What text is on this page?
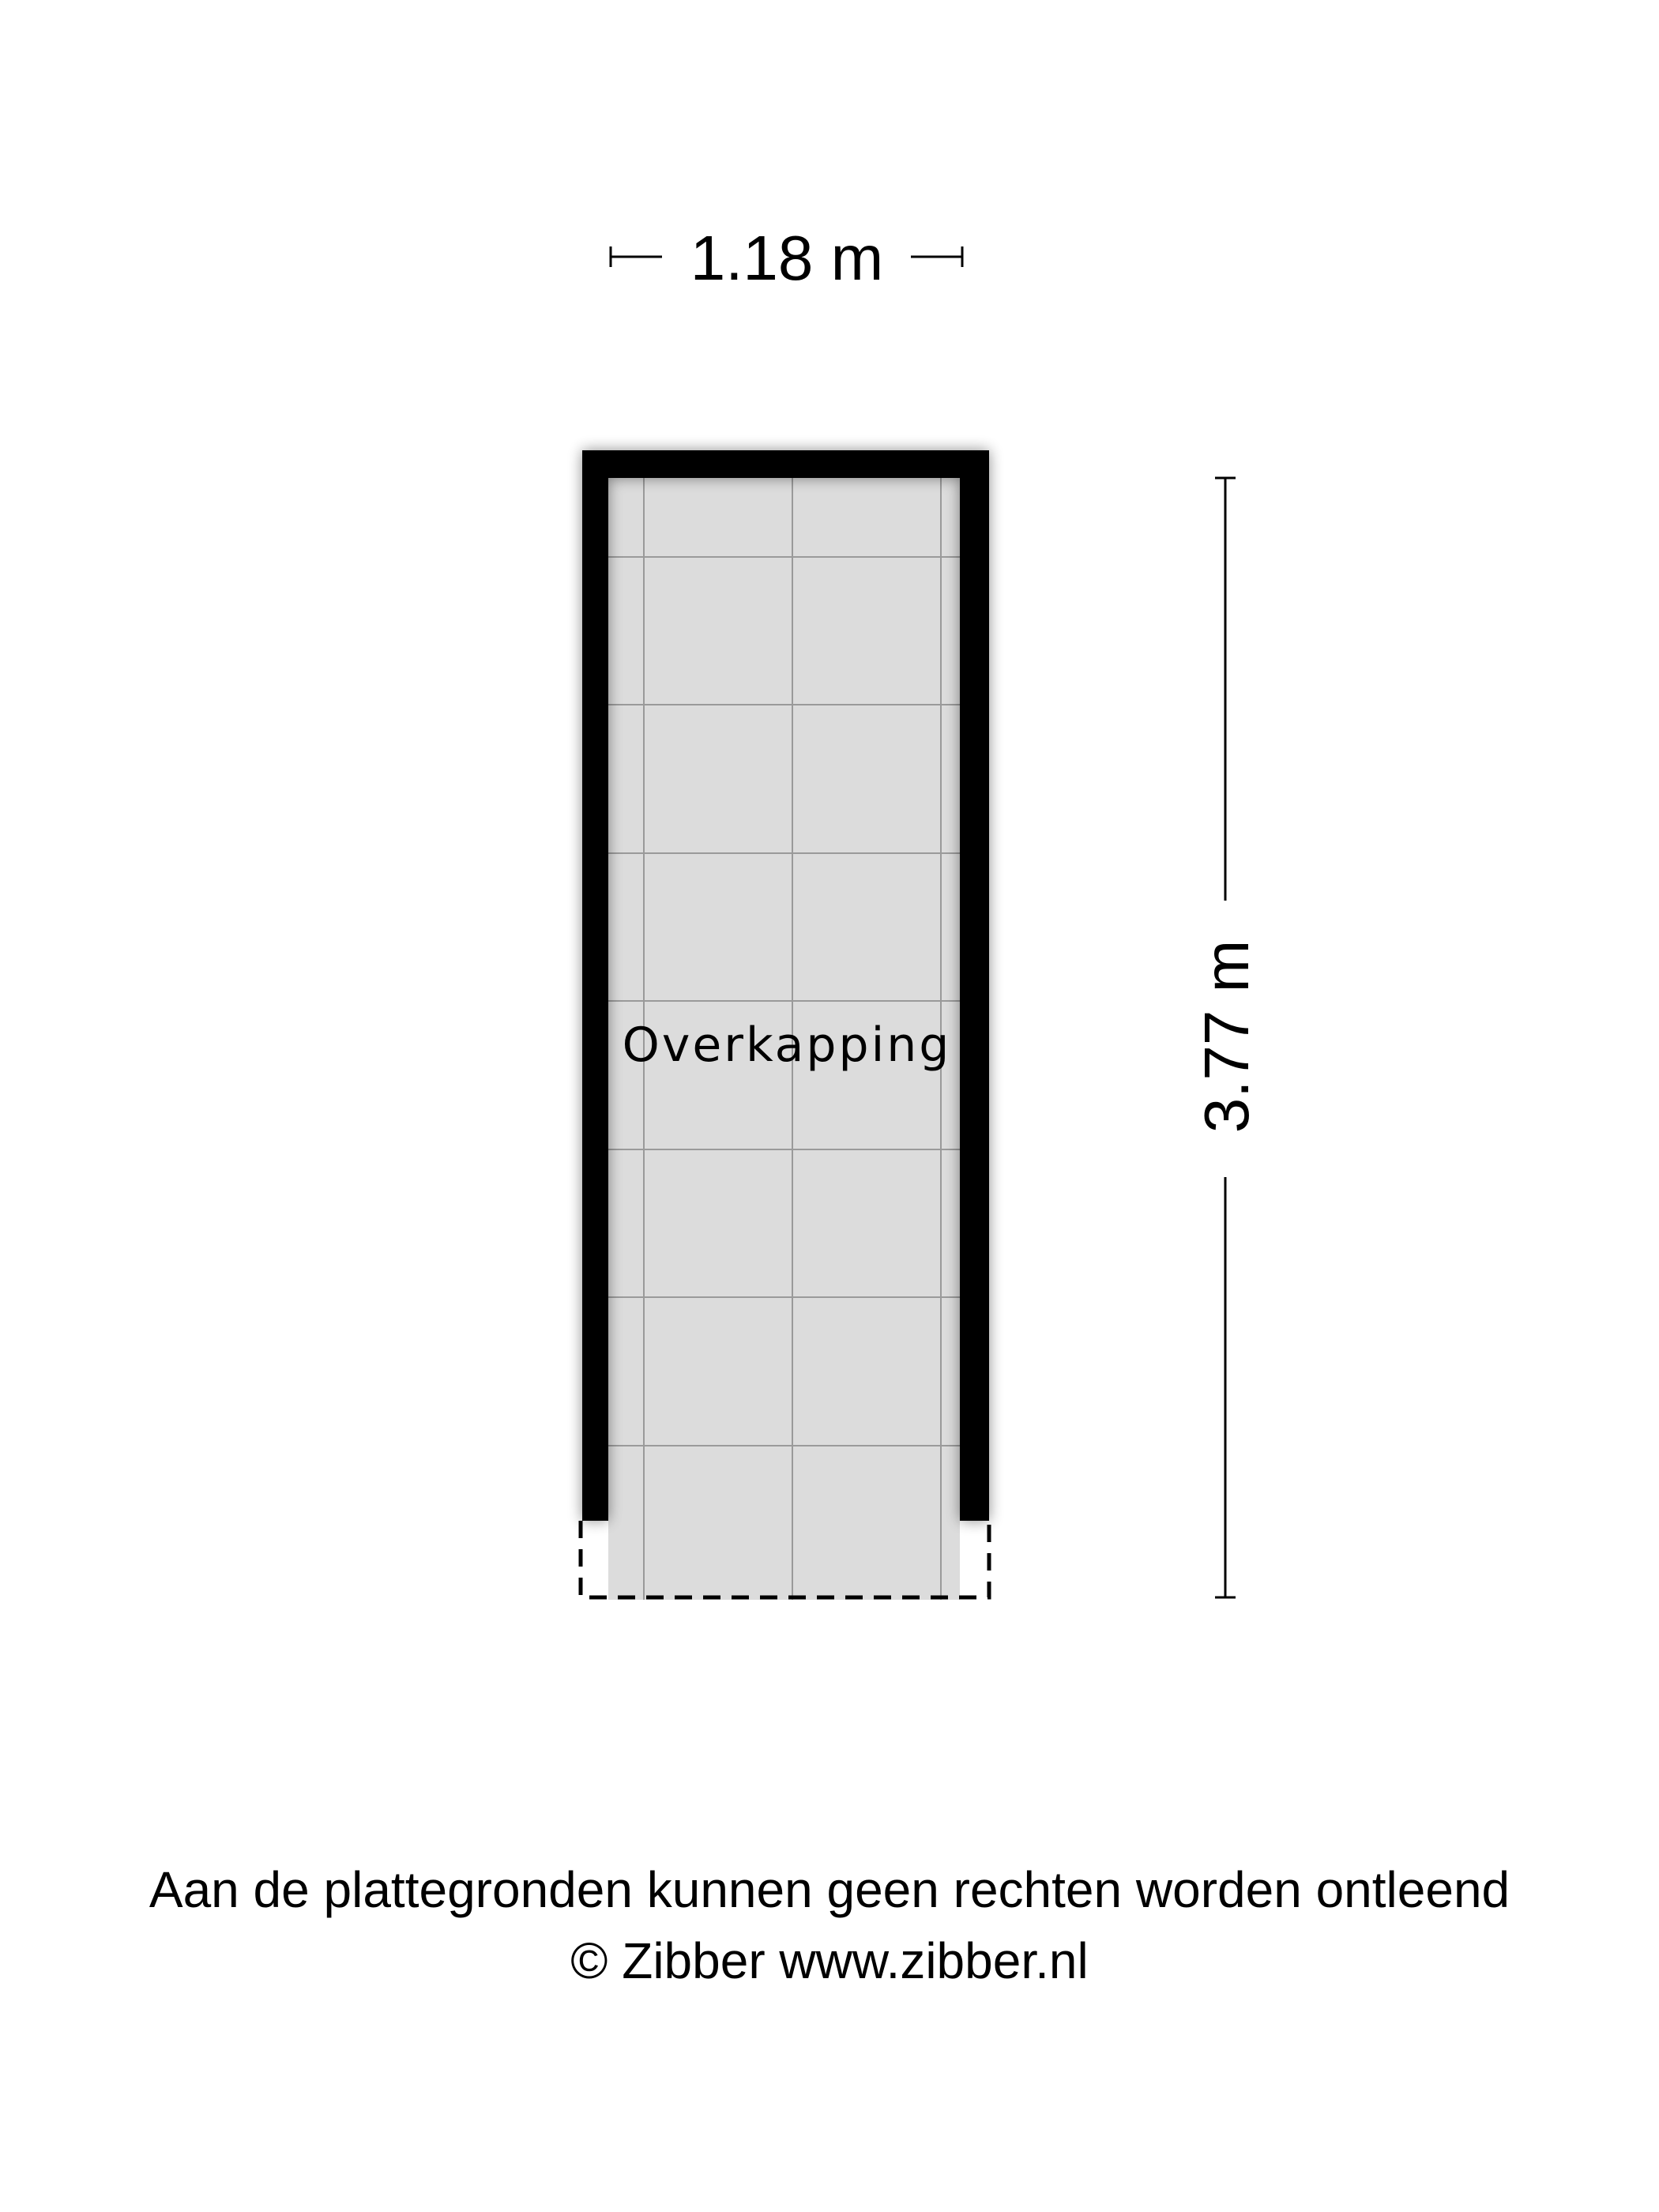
1.18 m
3.77 m
Overkapping
Aan de plattegronden kunnen geen rechten worden ontleend
© Zibber www.zibber.nl
